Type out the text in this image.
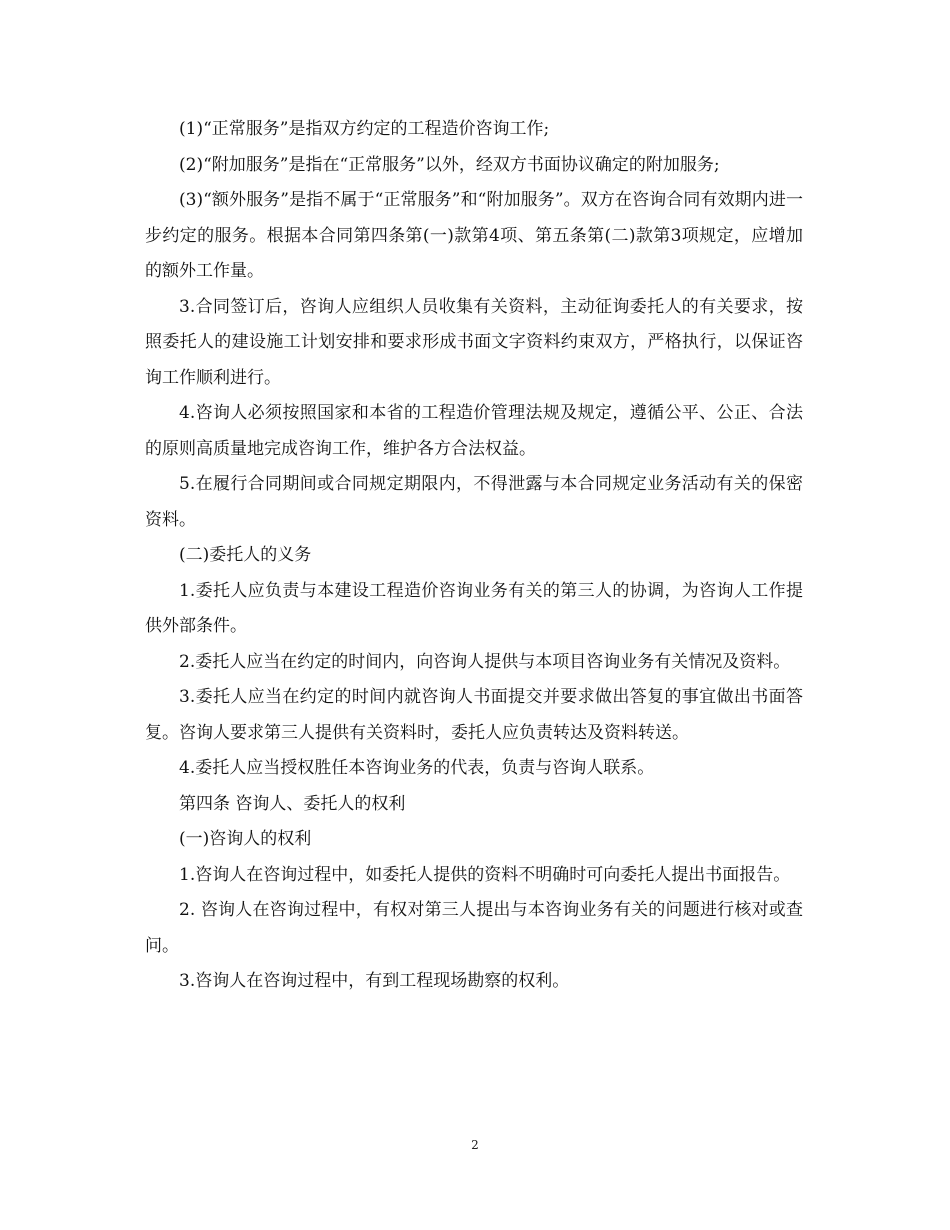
(1)“正常服务”是指双方约定的工程造价咨询工作;

(2)“附加服务”是指在“正常服务”以外，经双方书面协议确定的附加服务;

(3)“额外服务”是指不属于“正常服务”和“附加服务”。双方在咨询合同有效期内进一步约定的服务。根据本合同第四条第(一)款第4项、第五条第(二)款第3项规定，应增加的额外工作量。

3.合同签订后，咨询人应组织人员收集有关资料，主动征询委托人的有关要求，按照委托人的建设施工计划安排和要求形成书面文字资料约束双方，严格执行，以保证咨询工作顺利进行。

4.咨询人必须按照国家和本省的工程造价管理法规及规定，遵循公平、公正、合法的原则高质量地完成咨询工作，维护各方合法权益。

5.在履行合同期间或合同规定期限内，不得泄露与本合同规定业务活动有关的保密资料。

(二)委托人的义务

1.委托人应负责与本建设工程造价咨询业务有关的第三人的协调，为咨询人工作提供外部条件。

2.委托人应当在约定的时间内，向咨询人提供与本项目咨询业务有关情况及资料。

3.委托人应当在约定的时间内就咨询人书面提交并要求做出答复的事宜做出书面答复。咨询人要求第三人提供有关资料时，委托人应负责转达及资料转送。

4.委托人应当授权胜任本咨询业务的代表，负责与咨询人联系。

第四条 咨询人、委托人的权利

(一)咨询人的权利

1.咨询人在咨询过程中，如委托人提供的资料不明确时可向委托人提出书面报告。

2. 咨询人在咨询过程中，有权对第三人提出与本咨询业务有关的问题进行核对或查问。

3.咨询人在咨询过程中，有到工程现场勘察的权利。

2
